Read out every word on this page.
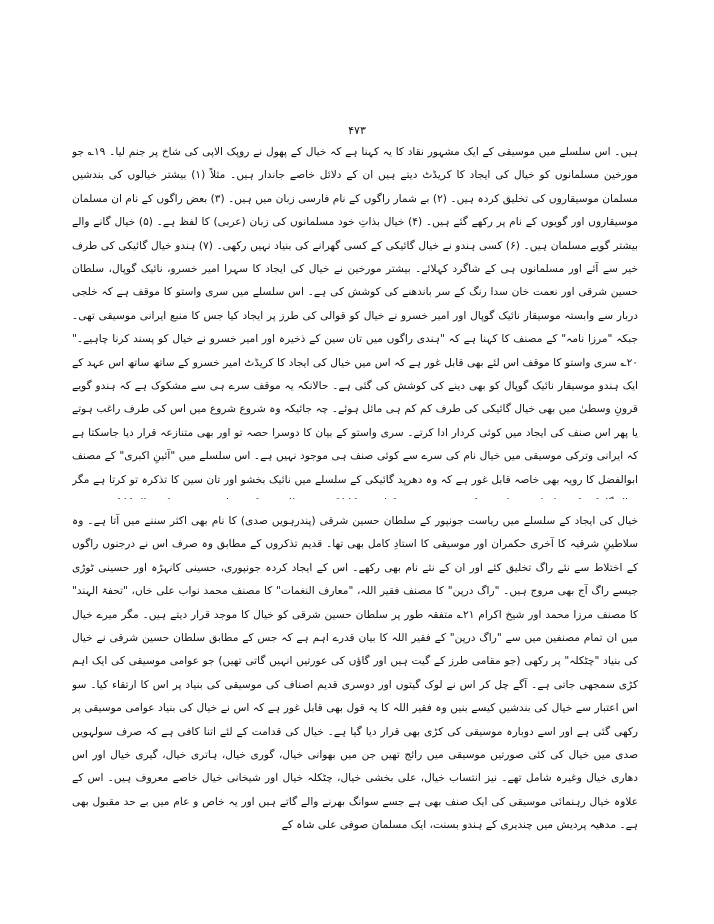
۴۷۳

ہیں۔ اس سلسلے میں موسیقی کے ایک مشہور نقاد کا یہ کہنا ہے کہ خیال کے پھول نے روپک الاپی کی شاخ پر جنم لیا۔ ۱۹؎ جو مورخین مسلمانوں کو خیال کی ایجاد کا کریڈٹ دیتے ہیں ان کے دلائل خاصے جاندار ہیں۔ مثلاً (۱) بیشتر خیالوں کی بندشیں مسلمان موسیقاروں کی تخلیق کردہ ہیں۔ (۲) بے شمار راگوں کے نام فارسی زبان میں ہیں۔ (۳) بعض راگوں کے نام ان مسلمان موسیقاروں اور گویوں کے نام پر رکھے گئے ہیں۔ (۴) خیال بذاتِ خود مسلمانوں کی زبان (عربی) کا لفظ ہے۔ (۵) خیال گانے والے بیشتر گویے مسلمان ہیں۔ (۶) کسی ہندو نے خیال گائیکی کے کسی گھرانے کی بنیاد نہیں رکھی۔ (۷) ہندو خیال گائیکی کی طرف خیر سے آئے اور مسلمانوں ہی کے شاگرد کہلائے۔ بیشتر مورخین نے خیال کی ایجاد کا سہرا امیر خسرو، نائیک گوپال، سلطان حسین شرقی اور نعمت خان سدا رنگ کے سر باندھنے کی کوشش کی ہے۔ اس سلسلے میں سری واستو کا موقف ہے کہ خلجی دربار سے وابستہ موسیقار نائیک گوپال اور امیر خسرو نے خیال کو قوالی کی طرز پر ایجاد کیا جس کا منبع ایرانی موسیقی تھی۔ جبکہ "مرزا نامہ" کے مصنف کا کہنا ہے کہ "ہندی راگوں میں تان سین کے ذخیرہ اور امیر خسرو نے خیال کو پسند کرنا چاہیے۔" ۲۰؎ سری واستو کا موقف اس لئے بھی قابل غور ہے کہ اس میں خیال کی ایجاد کا کریڈٹ امیر خسرو کے ساتھ ساتھ اس عہد کے ایک ہندو موسیقار نائیک گوپال کو بھی دینے کی کوشش کی گئی ہے۔ حالانکہ یہ موقف سرے ہی سے مشکوک ہے کہ ہندو گویے قرونِ وسطیٰ میں بھی خیال گائیکی کی طرف کم کم ہی مائل ہوئے۔ چہ جائیکہ وہ شروع شروع میں اس کی طرف راغب ہوتے یا پھر اس صنف کی ایجاد میں کوئی کردار ادا کرتے۔ سری واستو کے بیان کا دوسرا حصہ تو اور بھی متنازعہ قرار دیا جاسکتا ہے کہ ایرانی وترکی موسیقی میں خیال نام کی سرے سے کوئی صنف ہی موجود نہیں ہے۔ اس سلسلے میں "آئینِ اکبری" کے مصنف ابوالفضل کا رویہ بھی خاصہ قابل غور ہے کہ وہ دھرپد گائیکی کے سلسلے میں نائیک بخشو اور تان سین کا تذکرہ تو کرتا ہے مگر

خیال کی ایجاد کے سلسلے میں ریاست جونپور کے سلطان حسین شرقی (پندرہویں صدی) کا نام بھی اکثر سننے میں آتا ہے۔ وہ سلاطینِ شرقیہ کا آخری حکمران اور موسیقی کا استادِ کامل بھی تھا۔ قدیم تذکروں کے مطابق وہ صرف اس نے درجنوں راگوں کے اختلاط سے نئے راگ تخلیق کئے اور ان کے نئے نام بھی رکھے۔ اس کے ایجاد کردہ جونپوری، حسینی کانہڑہ اور حسینی ٹوڑی جیسے راگ آج بھی مروج ہیں۔ "راگ درپن" کا مصنف فقیر اللہ، "معارف النغمات" کا مصنف محمد نواب علی خاں، "تحفۃ الہند" کا مصنف مرزا محمد اور شیخ اکرام ۲۱؎ متفقہ طور پر سلطان حسین شرقی کو خیال کا موجد قرار دیتے ہیں۔ مگر میرے خیال میں ان تمام مصنفین میں سے "راگ درپن" کے فقیر اللہ کا بیان قدرے اہم ہے کہ جس کے مطابق سلطان حسین شرقی نے خیال کی بنیاد "چٹکلہ" پر رکھی (جو مقامی طرز کے گیت ہیں اور گاؤں کی عورتیں انہیں گاتی تھیں) جو عوامی موسیقی کی ایک اہم کڑی سمجھی جاتی ہے۔ آگے چل کر اس نے لوک گیتوں اور دوسری قدیم اصناف کی موسیقی کی بنیاد پر اس کا ارتقاء کیا۔ سو اس اعتبار سے خیال کی بندشیں کیسے بنیں وہ فقیر اللہ کا یہ قول بھی قابل غور ہے کہ اس نے خیال کی بنیاد عوامی موسیقی پر رکھی گئی ہے اور اسے دوبارہ موسیقی کی کڑی بھی قرار دیا گیا ہے۔ خیال کی قدامت کے لئے اتنا کافی ہے کہ صرف سولہویں صدی میں خیال کی کئی صورتیں موسیقی میں رائج تھیں جن میں بھوانی خیال، گوری خیال، ہاتری خیال، گیری خیال اور اس دھاری خیال وغیرہ شامل تھے۔ نیز انتساب خیال، علی بخشی خیال، چٹکلہ خیال اور شیخانی خیال خاصے معروف ہیں۔ اس کے علاوہ خیال رہنمائی موسیقی کی ایک صنف بھی ہے جسے سوانگ بھرنے والے گاتے ہیں اور یہ خاص و عام میں بے حد مقبول بھی ہے۔ مدھیہ پردیش میں چندیری کے ہندو بسنت، ایک مسلمان صوفی علی شاہ کے
